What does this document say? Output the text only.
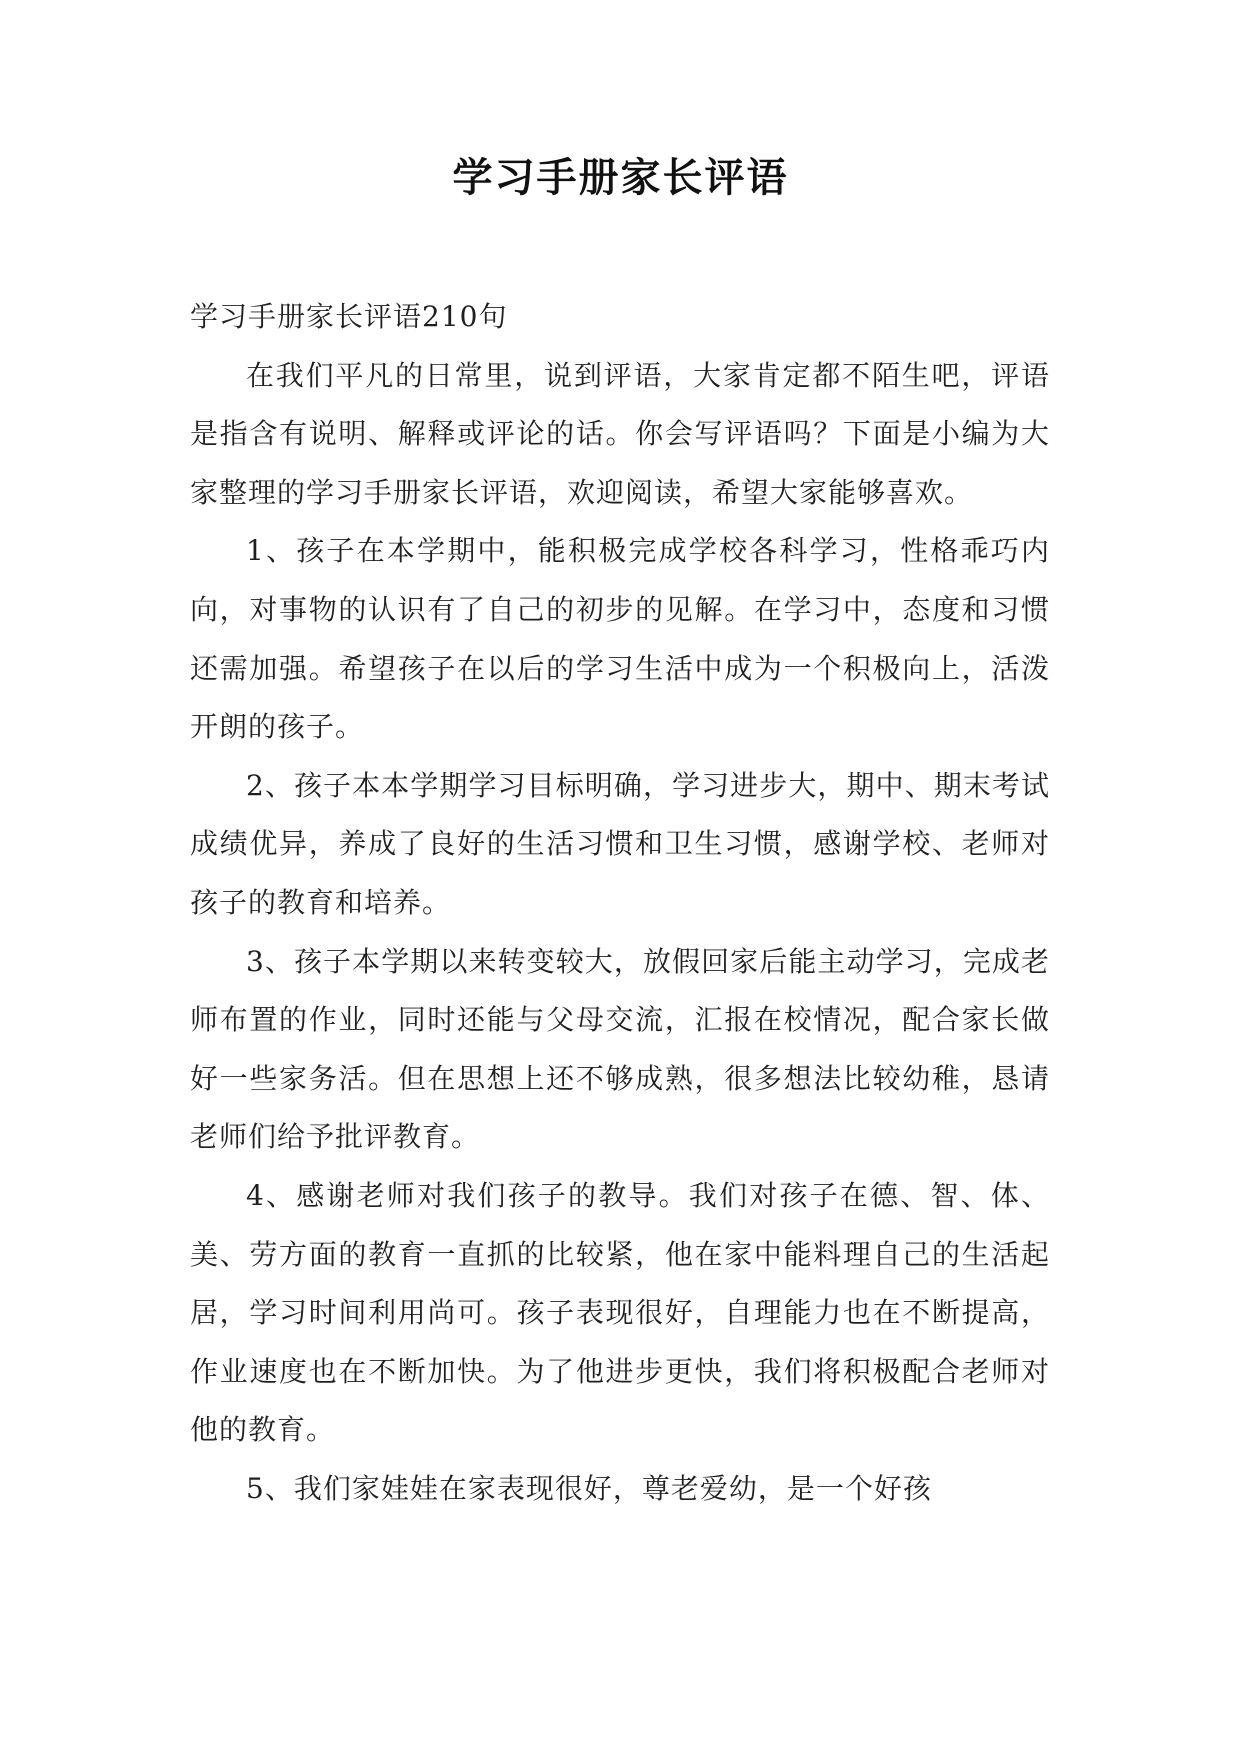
学习手册家长评语

学习手册家长评语210句

在我们平凡的日常里，说到评语，大家肯定都不陌生吧，评语是指含有说明、解释或评论的话。你会写评语吗？下面是小编为大家整理的学习手册家长评语，欢迎阅读，希望大家能够喜欢。

1、孩子在本学期中，能积极完成学校各科学习，性格乖巧内向，对事物的认识有了自己的初步的见解。在学习中，态度和习惯还需加强。希望孩子在以后的学习生活中成为一个积极向上，活泼开朗的孩子。

2、孩子本本学期学习目标明确，学习进步大，期中、期末考试成绩优异，养成了良好的生活习惯和卫生习惯，感谢学校、老师对孩子的教育和培养。

3、孩子本学期以来转变较大，放假回家后能主动学习，完成老师布置的作业，同时还能与父母交流，汇报在校情况，配合家长做好一些家务活。但在思想上还不够成熟，很多想法比较幼稚，恳请老师们给予批评教育。

4、感谢老师对我们孩子的教导。我们对孩子在德、智、体、美、劳方面的教育一直抓的比较紧，他在家中能料理自己的生活起居，学习时间利用尚可。孩子表现很好，自理能力也在不断提高，作业速度也在不断加快。为了他进步更快，我们将积极配合老师对他的教育。

5、我们家娃娃在家表现很好，尊老爱幼，是一个好孩
